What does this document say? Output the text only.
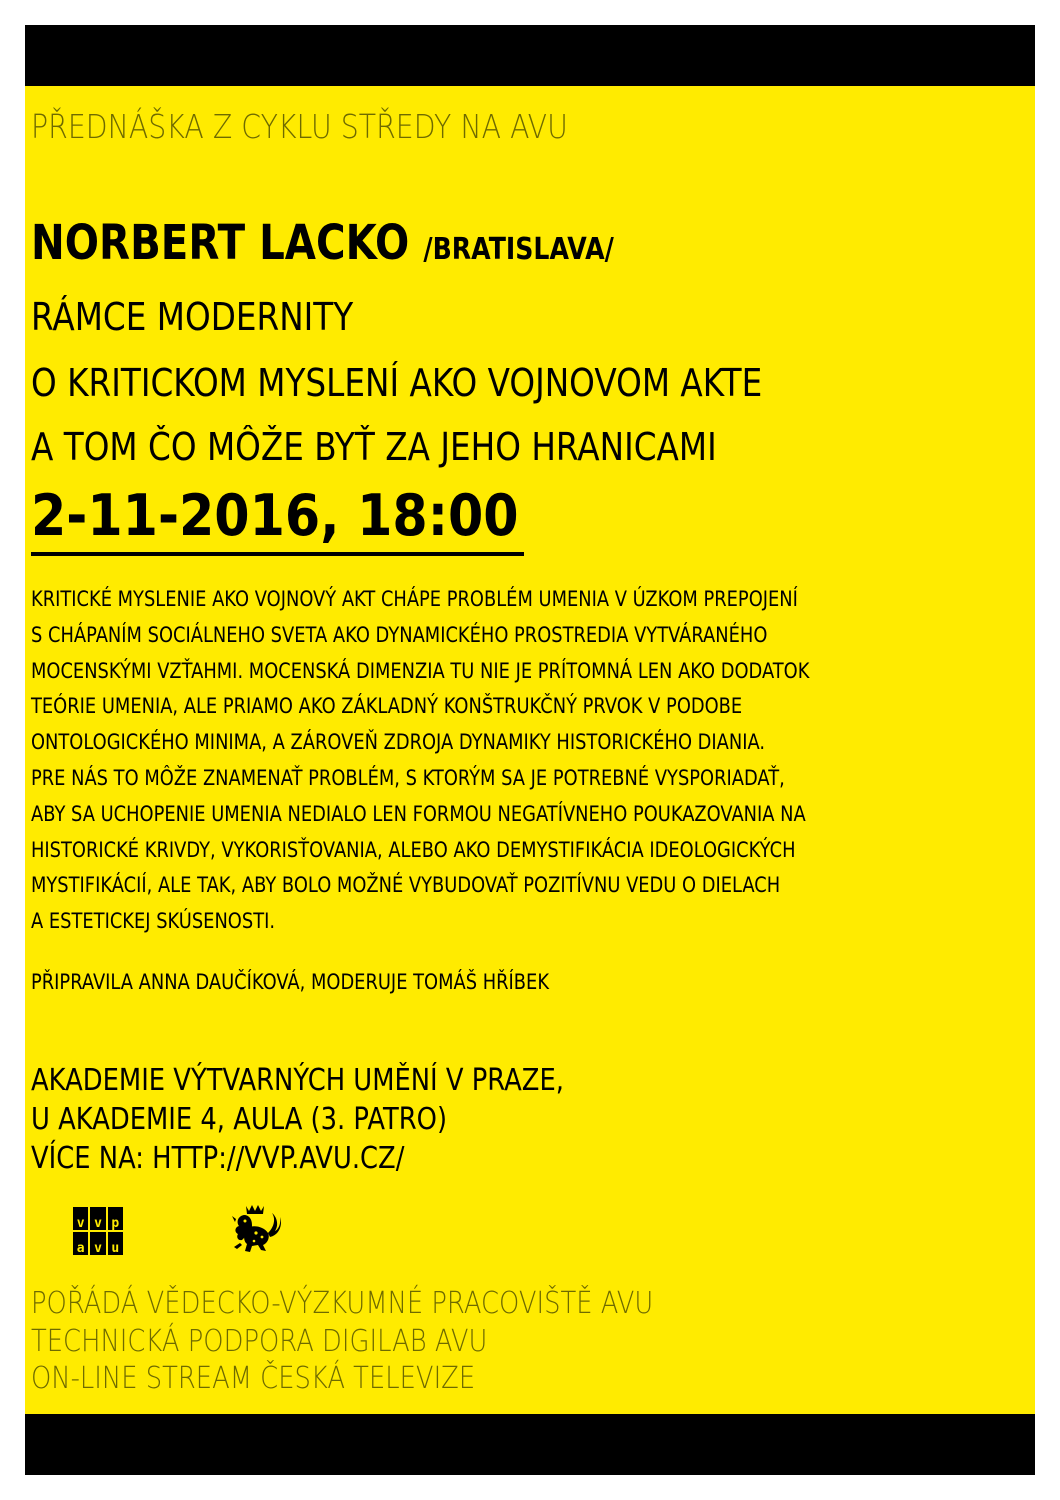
PŘEDNÁŠKA Z CYKLU STŘEDY NA AVU
NORBERT LACKO /BRATISLAVA/
RÁMCE MODERNITY
O KRITICKOM MYSLENÍ AKO VOJNOVOM AKTE
A TOM ČO MÔŽE BYŤ ZA JEHO HRANICAMI
2-11-2016, 18:00
KRITICKÉ MYSLENIE AKO VOJNOVÝ AKT CHÁPE PROBLÉM UMENIA V ÚZKOM PREPOJENÍ
S CHÁPANÍM SOCIÁLNEHO SVETA AKO DYNAMICKÉHO PROSTREDIA VYTVÁRANÉHO
MOCENSKÝMI VZŤAHMI. MOCENSKÁ DIMENZIA TU NIE JE PRÍTOMNÁ LEN AKO DODATOK
TEÓRIE UMENIA, ALE PRIAMO AKO ZÁKLADNÝ KONŠTRUKČNÝ PRVOK V PODOBE
ONTOLOGICKÉHO MINIMA, A ZÁROVEŇ ZDROJA DYNAMIKY HISTORICKÉHO DIANIA.
PRE NÁS TO MÔŽE ZNAMENAŤ PROBLÉM, S KTORÝM SA JE POTREBNÉ VYSPORIADAŤ,
ABY SA UCHOPENIE UMENIA NEDIALO LEN FORMOU NEGATÍVNEHO POUKAZOVANIA NA
HISTORICKÉ KRIVDY, VYKORISŤOVANIA, ALEBO AKO DEMYSTIFIKÁCIA IDEOLOGICKÝCH
MYSTIFIKÁCIÍ, ALE TAK, ABY BOLO MOŽNÉ VYBUDOVAŤ POZITÍVNU VEDU O DIELACH
A ESTETICKEJ SKÚSENOSTI.
PŘIPRAVILA ANNA DAUČÍKOVÁ, MODERUJE TOMÁŠ HŘÍBEK
AKADEMIE VÝTVARNÝCH UMĚNÍ V PRAZE,
U AKADEMIE 4, AULA (3. PATRO)
VÍCE NA: HTTP://VVP.AVU.CZ/
v v p
a v u
POŘÁDÁ VĚDECKO-VÝZKUMNÉ PRACOVIŠTĚ AVU
TECHNICKÁ PODPORA DIGILAB AVU
ON-LINE STREAM ČESKÁ TELEVIZE
